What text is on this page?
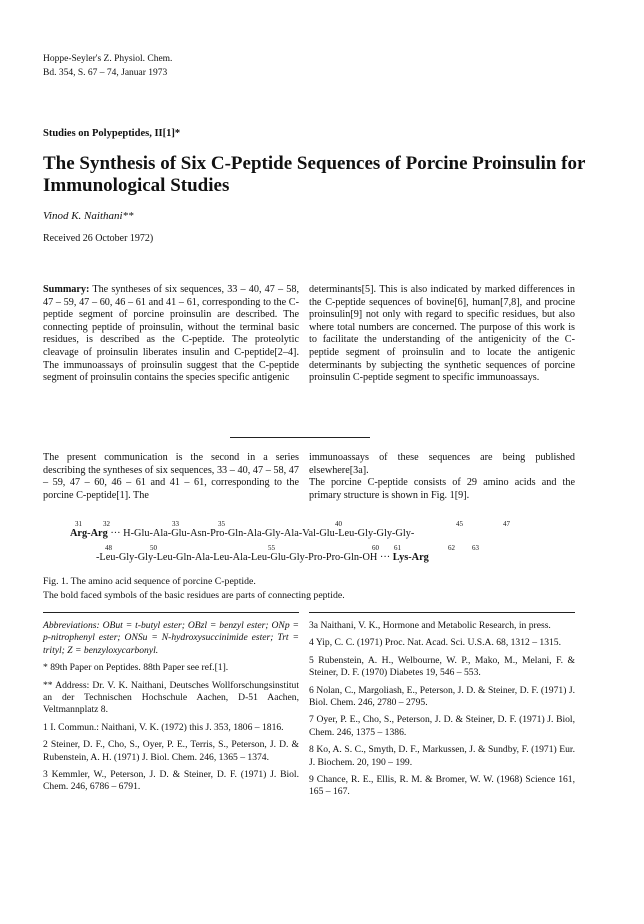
Hoppe-Seyler's Z. Physiol. Chem.
Bd. 354, S. 67 – 74, Januar 1973
Studies on Polypeptides, II[1]*
The Synthesis of Six C-Peptide Sequences of Porcine Proinsulin for Immunological Studies
Vinod K. Naithani**
Received 26 October 1972)
Summary: The syntheses of six sequences, 33 – 40, 47 – 58, 47 – 59, 47 – 60, 46 – 61 and 41 – 61, corresponding to the C-peptide segment of porcine proinsulin are described. The connecting peptide of proinsulin, without the terminal basic residues, is described as the C-peptide. The proteolytic cleavage of proinsulin liberates insulin and C-peptide[2–4]. The immunoassays of proinsulin suggest that the C-peptide segment of proinsulin contains the species specific antigenic
determinants[5]. This is also indicated by marked differences in the C-peptide sequences of bovine[6], human[7,8], and procine proinsulin[9] not only with regard to specific residues, but also where total numbers are concerned. The purpose of this work is to facilitate the understanding of the antigenicity of the C-peptide segment of proinsulin and to locate the antigenic determinants by subjecting the synthetic sequences of porcine proinsulin C-peptide segment to specific immunoassays.
The present communication is the second in a series describing the syntheses of six sequences, 33 – 40, 47 – 58, 47 – 59, 47 – 60, 46 – 61 and 41 – 61, corresponding to the porcine C-peptide[1]. The
immunoassays of these sequences are being published elsewhere[3a].
The porcine C-peptide consists of 29 amino acids and the primary structure is shown in Fig. 1[9].
31	32	33	35	40	45	47
Arg-Arg ··· H-Glu-Ala-Glu-Asn-Pro-Gln-Ala-Gly-Ala-Val-Glu-Leu-Gly-Gly-Gly-
48	50	55	60 61	62 63
-Leu-Gly-Gly-Leu-Gln-Ala-Leu-Ala-Leu-Glu-Gly-Pro-Pro-Gln-OH ··· Lys-Arg
Fig. 1. The amino acid sequence of porcine C-peptide.
The bold faced symbols of the basic residues are parts of connecting peptide.
Abbreviations: OBut = t-butyl ester; OBzl = benzyl ester; ONp = p-nitrophenyl ester; ONSu = N-hydroxysuccinimide ester; Trt = trityl; Z = benzyloxycarbonyl.
* 89th Paper on Peptides. 88th Paper see ref.[1].
** Address: Dr. V. K. Naithani, Deutsches Wollforschungsinstitut an der Technischen Hochschule Aachen, D-51 Aachen, Veltmannplatz 8.
1 I. Commun.: Naithani, V. K. (1972) this J. 353, 1806 – 1816.
2 Steiner, D. F., Cho, S., Oyer, P. E., Terris, S., Peterson, J. D. & Rubenstein, A. H. (1971) J. Biol. Chem. 246, 1365 – 1374.
3 Kemmler, W., Peterson, J. D. & Steiner, D. F. (1971) J. Biol. Chem. 246, 6786 – 6791.
3a Naithani, V. K., Hormone and Metabolic Research, in press.
4 Yip, C. C. (1971) Proc. Nat. Acad. Sci. U.S.A. 68, 1312 – 1315.
5 Rubenstein, A. H., Welbourne, W. P., Mako, M., Melani, F. & Steiner, D. F. (1970) Diabetes 19, 546 – 553.
6 Nolan, C., Margoliash, E., Peterson, J. D. & Steiner, D. F. (1971) J. Biol. Chem. 246, 2780 – 2795.
7 Oyer, P. E., Cho, S., Peterson, J. D. & Steiner, D. F. (1971) J. Biol, Chem. 246, 1375 – 1386.
8 Ko, A. S. C., Smyth, D. F., Markussen, J. & Sundby, F. (1971) Eur. J. Biochem. 20, 190 – 199.
9 Chance, R. E., Ellis, R. M. & Bromer, W. W. (1968) Science 161, 165 – 167.
